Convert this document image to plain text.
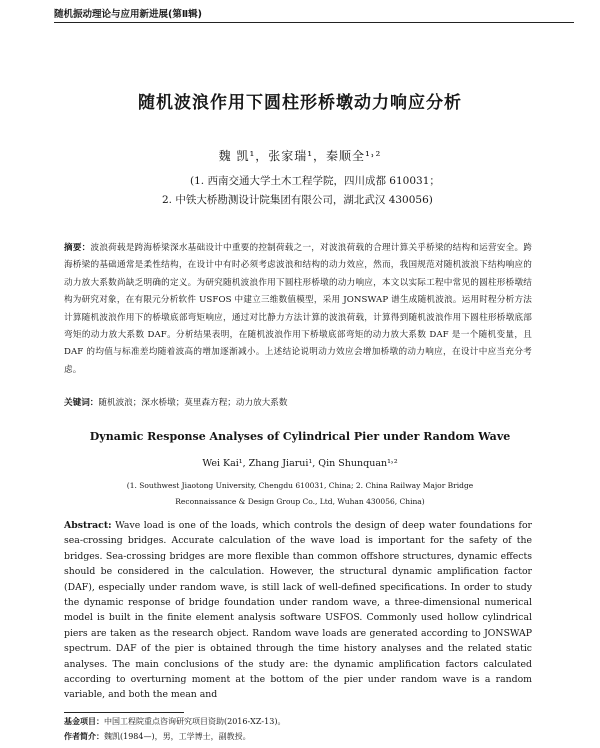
随机振动理论与应用新进展(第Ⅱ辑)
随机波浪作用下圆柱形桥墩动力响应分析
魏 凯¹，张家瑞¹，秦顺全¹˒²
(1. 西南交通大学土木工程学院，四川成都 610031；
2. 中铁大桥勘测设计院集团有限公司，湖北武汉 430056)
摘要：波浪荷载是跨海桥梁深水基础设计中重要的控制荷载之一，对波浪荷载的合理计算关乎桥梁的结构和运营安全。跨海桥梁的基础通常是柔性结构，在设计中有时必须考虑波浪和结构的动力效应，然而，我国规范对随机波浪下结构响应的动力放大系数尚缺乏明确的定义。为研究随机波浪作用下圆柱形桥墩的动力响应，本文以实际工程中常见的圆柱形桥墩结构为研究对象，在有限元分析软件 USFOS 中建立三维数值模型，采用 JONSWAP 谱生成随机波浪。运用时程分析方法计算随机波浪作用下的桥墩底部弯矩响应，通过对比静力方法计算的波浪荷载，计算得到随机波浪作用下圆柱形桥墩底部弯矩的动力放大系数 DAF。分析结果表明，在随机波浪作用下桥墩底部弯矩的动力放大系数 DAF 是一个随机变量，且 DAF 的均值与标准差均随着波高的增加逐渐减小。上述结论说明动力效应会增加桥墩的动力响应，在设计中应当充分考虑。
关键词：随机波浪；深水桥墩；莫里森方程；动力放大系数
Dynamic Response Analyses of Cylindrical Pier under Random Wave
Wei Kai¹, Zhang Jiarui¹, Qin Shunquan¹˒²
(1. Southwest Jiaotong University, Chengdu 610031, China; 2. China Railway Major Bridge
Reconnaissance & Design Group Co., Ltd, Wuhan 430056, China)
Abstract: Wave load is one of the loads, which controls the design of deep water foundations for sea-crossing bridges. Accurate calculation of the wave load is important for the safety of the bridges. Sea-crossing bridges are more flexible than common offshore structures, dynamic effects should be considered in the calculation. However, the structural dynamic amplification factor (DAF), especially under random wave, is still lack of well-defined specifications. In order to study the dynamic response of bridge foundation under random wave, a three-dimensional numerical model is built in the finite element analysis software USFOS. Commonly used hollow cylindrical piers are taken as the research object. Random wave loads are generated according to JONSWAP spectrum. DAF of the pier is obtained through the time history analyses and the related static analyses. The main conclusions of the study are: the dynamic amplification factors calculated according to overturning moment at the bottom of the pier under random wave is a random variable, and both the mean and
基金项目：中国工程院重点咨询研究项目资助(2016-XZ-13)。
作者简介：魏凯(1984—)，男，工学博士，副教授。
